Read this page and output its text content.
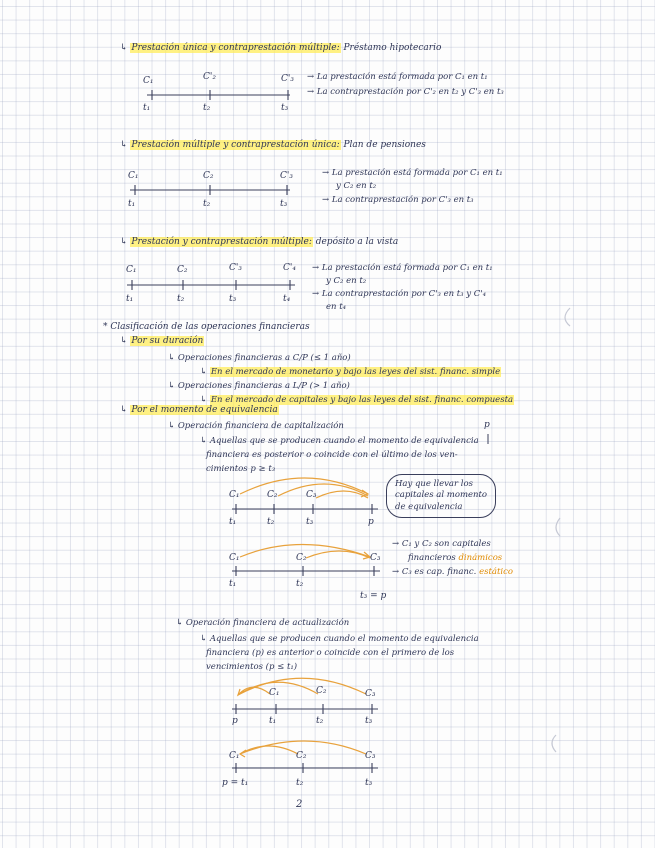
↳ Prestación única y contraprestación múltiple: Préstamo hipotecario
C₁	C'₂	C'₃
t₁	t₂	t₃
→ La prestación está formada por C₁ en t₁
→ La contraprestación por C'₂ en t₂ y C'₃ en t₃
↳ Prestación múltiple y contraprestación única: Plan de pensiones
C₁	C₂	C'₃
t₁	t₂	t₃
→ La prestación está formada por C₁ en t₁
y C₂ en t₂
→ La contraprestación por C'₃ en t₃
↳ Prestación y contraprestación múltiple: depósito a la vista
C₁	C₂	C'₃	C'₄
t₁	t₂	t₃	t₄
→ La prestación está formada por C₁ en t₁
y C₂ en t₂
→ La contraprestación por C'₃ en t₃ y C'₄
en t₄
* Clasificación de las operaciones financieras
↳ Por su duración
↳ Operaciones financieras a C/P (≤ 1 año)
↳ En el mercado de monetario y bajo las leyes del sist. financ. simple
↳ Operaciones financieras a L/P (> 1 año)
↳ En el mercado de capitales y bajo las leyes del sist. financ. compuesta
↳ Por el momento de equivalencia
↳ Operación financiera de capitalización	p
↳ Aquellas que se producen cuando el momento de equivalencia
financiera es posterior o coincide con el último de los ven-
cimientos p ≥ t₃
C₁	C₂	C₃
t₁	t₂	t₃	p
Hay que llevar los
capitales al momento
de equivalencia
C₁	C₂	C₃
t₁	t₂
t₃ = p
→ C₁ y C₂ son capitales
financieros dinámicos
→ C₃ es cap. financ. estático
↳ Operación financiera de actualización
↳ Aquellas que se producen cuando el momento de equivalencia
financiera (p) es anterior o coincide con el primero de los
vencimientos (p ≤ t₁)
C₁	C₂	C₃
p	t₁	t₂	t₃
C₁	C₂	C₃
p = t₁	t₂	t₃
2
